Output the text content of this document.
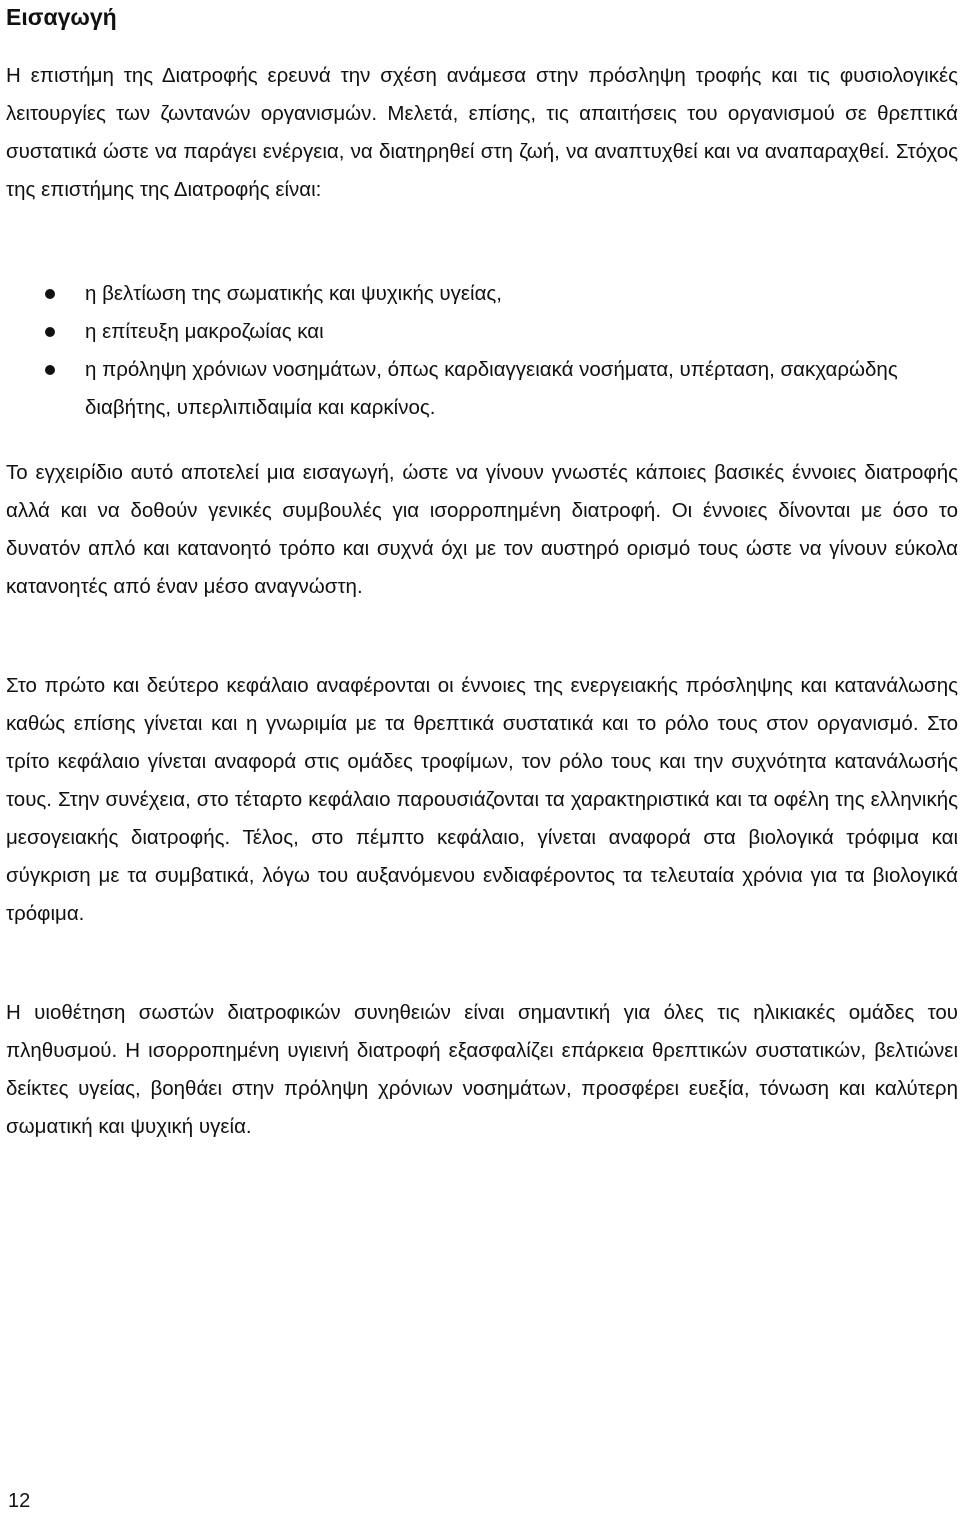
Εισαγωγή

Η επιστήμη της Διατροφής ερευνά την σχέση ανάμεσα στην πρόσληψη τροφής και τις φυσιολογικές λειτουργίες των ζωντανών οργανισμών. Μελετά, επίσης, τις απαιτήσεις του οργανισμού σε θρεπτικά συστατικά ώστε να παράγει ενέργεια, να διατηρηθεί στη ζωή, να αναπτυχθεί και να αναπαραχθεί. Στόχος της επιστήμης της Διατροφής είναι:

η βελτίωση της σωματικής και ψυχικής υγείας,
η επίτευξη μακροζωίας και
η πρόληψη χρόνιων νοσημάτων, όπως καρδιαγγειακά νοσήματα, υπέρταση, σακχαρώδης διαβήτης, υπερλιπιδαιμία και καρκίνος.

Το εγχειρίδιο αυτό αποτελεί μια εισαγωγή, ώστε να γίνουν γνωστές κάποιες βασικές έννοιες διατροφής αλλά και να δοθούν γενικές συμβουλές για ισορροπημένη διατροφή. Οι έννοιες δίνονται με όσο το δυνατόν απλό και κατανοητό τρόπο και συχνά όχι με τον αυστηρό ορισμό τους ώστε να γίνουν εύκολα κατανοητές από έναν μέσο αναγνώστη.

Στο πρώτο και δεύτερο κεφάλαιο αναφέρονται οι έννοιες της ενεργειακής πρόσληψης και κατανάλωσης καθώς επίσης γίνεται και η γνωριμία με τα θρεπτικά συστατικά και το ρόλο τους στον οργανισμό. Στο τρίτο κεφάλαιο γίνεται αναφορά στις ομάδες τροφίμων, τον ρόλο τους και την συχνότητα κατανάλωσής τους. Στην συνέχεια, στο τέταρτο κεφάλαιο παρουσιάζονται τα χαρακτηριστικά και τα οφέλη της ελληνικής μεσογειακής διατροφής. Τέλος, στο πέμπτο κεφάλαιο, γίνεται αναφορά στα βιολογικά τρόφιμα και σύγκριση με τα συμβατικά, λόγω του αυξανόμενου ενδιαφέροντος τα τελευταία χρόνια για τα βιολογικά τρόφιμα.

Η υιοθέτηση σωστών διατροφικών συνηθειών είναι σημαντική για όλες τις ηλικιακές ομάδες του πληθυσμού. Η ισορροπημένη υγιεινή διατροφή εξασφαλίζει επάρκεια θρεπτικών συστατικών, βελτιώνει δείκτες υγείας, βοηθάει στην πρόληψη χρόνιων νοσημάτων, προσφέρει ευεξία, τόνωση και καλύτερη σωματική και ψυχική υγεία.

12
